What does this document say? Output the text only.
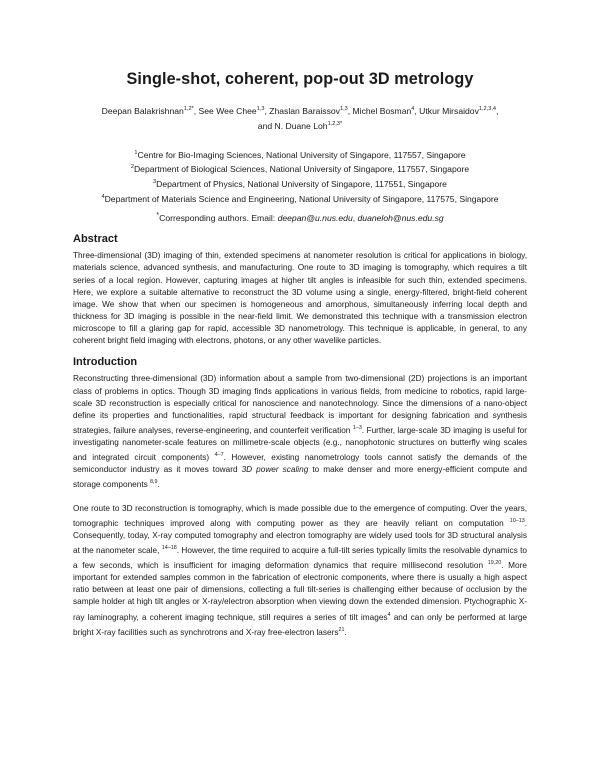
Single-shot, coherent, pop-out 3D metrology
Deepan Balakrishnan$^{1,2*}$, See Wee Chee$^{1,3}$, Zhaslan Baraissov$^{1,3}$, Michel Bosman$^4$, Utkur Mirsaidov$^{1,2,3,4}$,
and N. Duane Loh$^{1,2,3*}$
$^1$Centre for Bio-Imaging Sciences, National University of Singapore, 117557, Singapore
$^2$Department of Biological Sciences, National University of Singapore, 117557, Singapore
$^3$Department of Physics, National University of Singapore, 117551, Singapore
$^4$Department of Materials Science and Engineering, National University of Singapore, 117575, Singapore
*Corresponding authors. Email: deepan@u.nus.edu, duaneloh@nus.edu.sg
Abstract

Three-dimensional (3D) imaging of thin, extended specimens at nanometer resolution is critical for applications in biology, materials science, advanced synthesis, and manufacturing. One route to 3D imaging is tomography, which requires a tilt series of a local region. However, capturing images at higher tilt angles is infeasible for such thin, extended specimens. Here, we explore a suitable alternative to reconstruct the 3D volume using a single, energy-filtered, bright-field coherent image. We show that when our specimen is homogeneous and amorphous, simultaneously inferring local depth and thickness for 3D imaging is possible in the near-field limit. We demonstrated this technique with a transmission electron microscope to fill a glaring gap for rapid, accessible 3D nanometrology. This technique is applicable, in general, to any coherent bright field imaging with electrons, photons, or any other wavelike particles.

Introduction

Reconstructing three-dimensional (3D) information about a sample from two-dimensional (2D) projections is an important class of problems in optics. Though 3D imaging finds applications in various fields, from medicine to robotics, rapid large-scale 3D reconstruction is especially critical for nanoscience and nanotechnology. Since the dimensions of a nano-object define its properties and functionalities, rapid structural feedback is important for designing fabrication and synthesis strategies, failure analyses, reverse-engineering, and counterfeit verification $^{1-3}$. Further, large-scale 3D imaging is useful for investigating nanometer-scale features on millimetre-scale objects (e.g., nanophotonic structures on butterfly wing scales and integrated circuit components) $^{4-7}$. However, existing nanometrology tools cannot satisfy the demands of the semiconductor industry as it moves toward 3D power scaling to make denser and more energy-efficient compute and storage components $^{8,9}$.

One route to 3D reconstruction is tomography, which is made possible due to the emergence of computing. Over the years, tomographic techniques improved along with computing power as they are heavily reliant on computation $^{10-13}$. Consequently, today, X-ray computed tomography and electron tomography are widely used tools for 3D structural analysis at the nanometer scale, $^{14-18}$. However, the time required to acquire a full-tilt series typically limits the resolvable dynamics to a few seconds, which is insufficient for imaging deformation dynamics that require millisecond resolution $^{19,20}$. More important for extended samples common in the fabrication of electronic components, where there is usually a high aspect ratio between at least one pair of dimensions, collecting a full tilt-series is challenging either because of occlusion by the sample holder at high tilt angles or X-ray/electron absorption when viewing down the extended dimension. Ptychographic X-ray laminography, a coherent imaging technique, still requires a series of tilt images$^4$ and can only be performed at large bright X-ray facilities such as synchrotrons and X-ray free-electron lasers$^{21}$.
